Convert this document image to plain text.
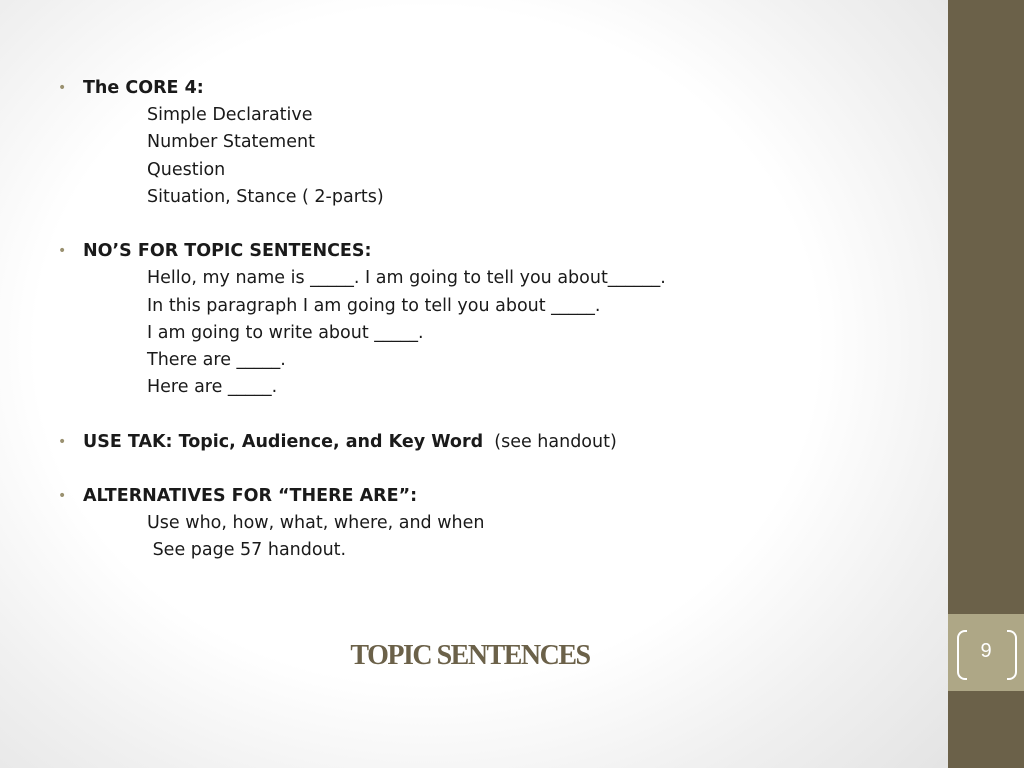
• The CORE 4:
Simple Declarative
Number Statement
Question
Situation, Stance ( 2-parts)
• NO’S FOR TOPIC SENTENCES:
Hello, my name is _____. I am going to tell you about______.
In this paragraph I am going to tell you about _____.
I am going to write about _____.
There are _____.
Here are _____.
• USE TAK: Topic, Audience, and Key Word  (see handout)
• ALTERNATIVES FOR “THERE ARE”:
Use who, how, what, where, and when
See page 57 handout.
TOPIC SENTENCES	9
